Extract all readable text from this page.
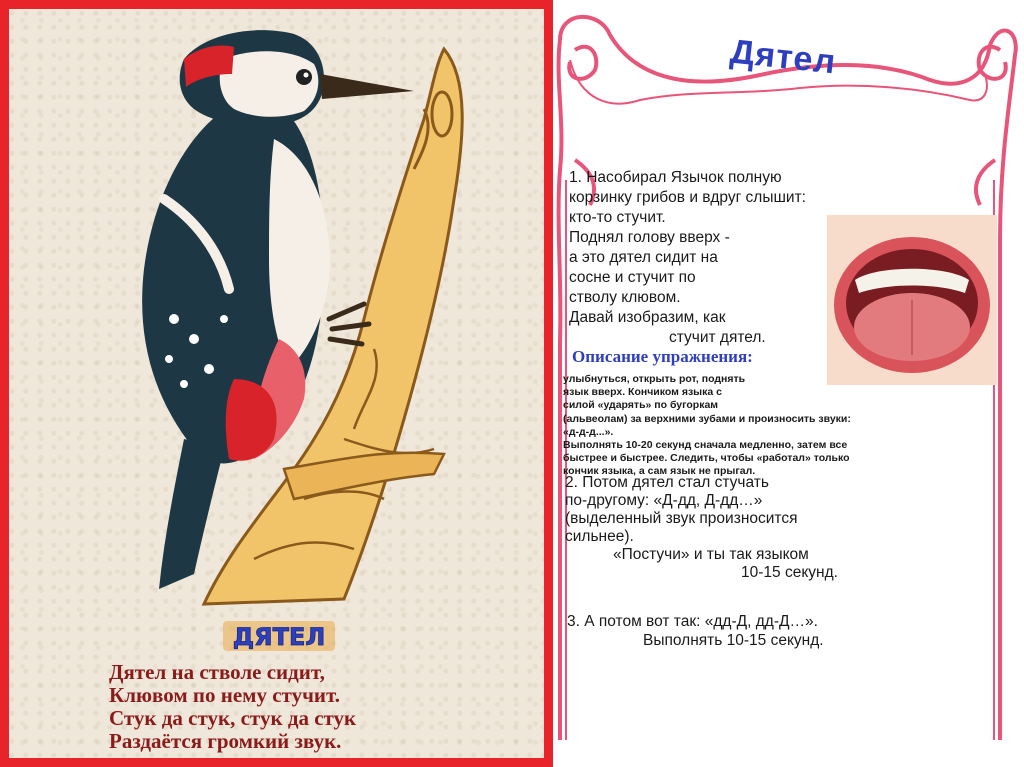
ДЯТЕЛ
Дятел на стволе сидит,
Клювом по нему стучит.
Стук да стук, стук да стук
Раздаётся громкий звук.
Дятел
1. Насобирал Язычок полную
корзинку грибов и вдруг слышит:
кто-то стучит.
Поднял голову вверх -
а это дятел сидит на
сосне и стучит по
стволу клювом.
Давай изобразим, как
стучит дятел.
Описание упражнения:
улыбнуться, открыть рот, поднять
язык вверх. Кончиком языка с
силой «ударять» по бугоркам
(альвеолам) за верхними зубами и произносить звуки:
«д-д-д...».
Выполнять 10-20 секунд сначала медленно, затем все
быстрее и быстрее. Следить, чтобы «работал» только
кончик языка, а сам язык не прыгал.
2. Потом дятел стал стучать
по-другому: «Д-дд, Д-дд…»
(выделенный звук произносится
сильнее).
«Постучи» и ты так языком
10-15 секунд.
3. А потом вот так: «дд-Д, дд-Д…».
Выполнять 10-15 секунд.
